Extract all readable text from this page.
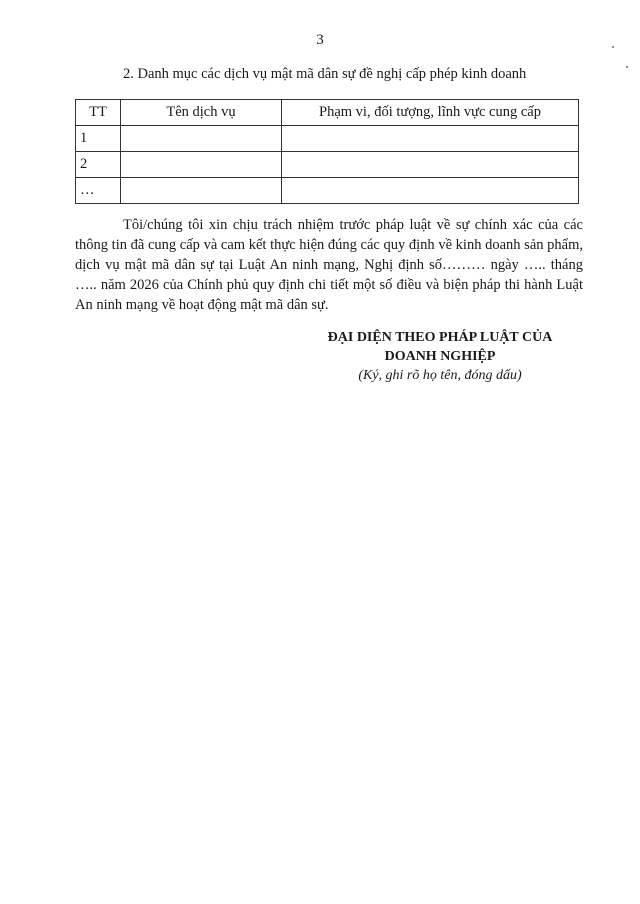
3
2. Danh mục các dịch vụ mật mã dân sự đề nghị cấp phép kinh doanh
TT	Tên dịch vụ	Phạm vi, đối tượng, lĩnh vực cung cấp
1		
2		
…		

Tôi/chúng tôi xin chịu trách nhiệm trước pháp luật về sự chính xác của các thông tin đã cung cấp và cam kết thực hiện đúng các quy định về kinh doanh sản phẩm, dịch vụ mật mã dân sự tại Luật An ninh mạng, Nghị định số……… ngày ….. tháng ….. năm 2026 của Chính phủ quy định chi tiết một số điều và biện pháp thi hành Luật An ninh mạng về hoạt động mật mã dân sự.

ĐẠI DIỆN THEO PHÁP LUẬT CỦA

DOANH NGHIỆP

(Ký, ghi rõ họ tên, đóng dấu)
